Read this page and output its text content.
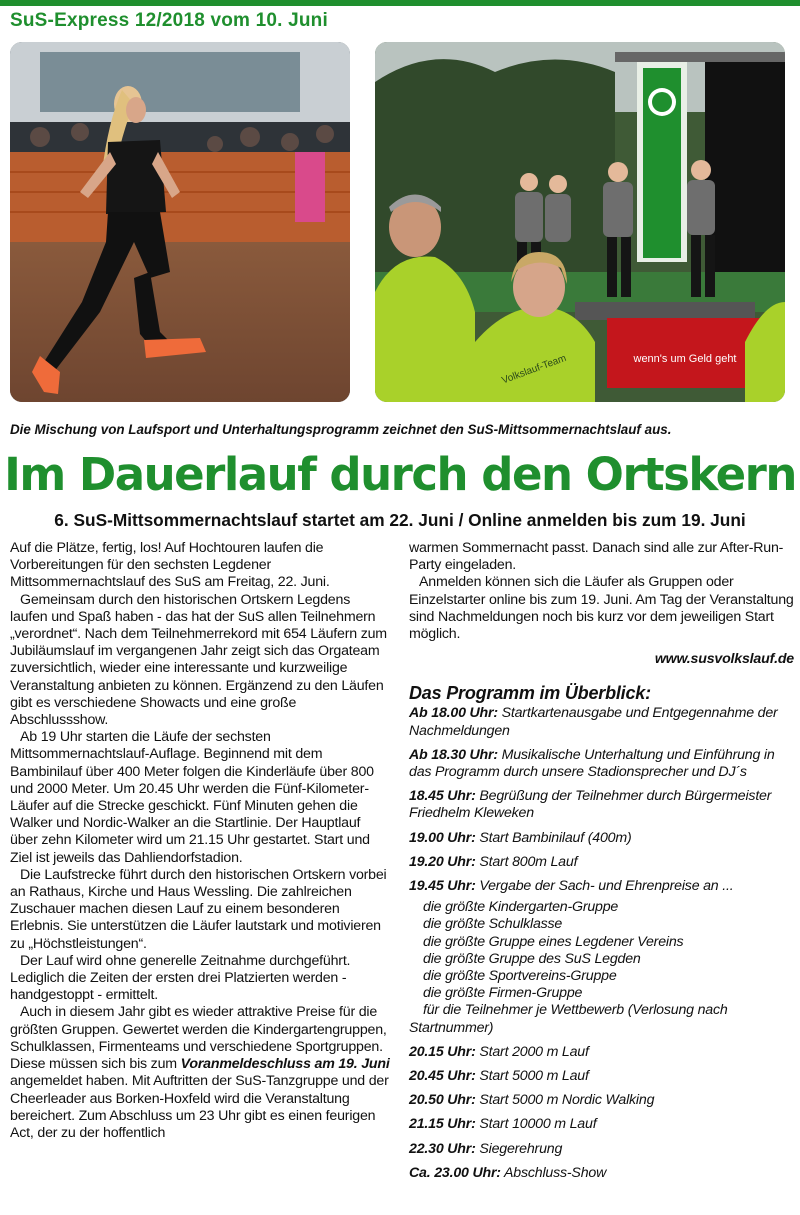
SuS-Express 12/2018 vom 10. Juni
wenn's um Geld geht
Volkslauf-Team
Die Mischung von Laufsport und Unterhaltungsprogramm zeichnet den SuS-Mittsommernachtslauf aus.
Im Dauerlauf durch den Ortskern
6. SuS-Mittsommernachtslauf startet am 22. Juni / Online anmelden bis zum 19. Juni

Auf die Plätze, fertig, los! Auf Hochtouren laufen die Vorbereitungen für den sechsten Legdener Mittsommernachtslauf des SuS am Freitag, 22. Juni.

Gemeinsam durch den historischen Ortskern Legdens laufen und Spaß haben - das hat der SuS allen Teilnehmern „verordnet“. Nach dem Teilnehmerrekord mit 654 Läufern zum Jubiläumslauf im vergangenen Jahr zeigt sich das Orgateam zuversichtlich, wieder eine interessante und kurzweilige Veranstaltung anbieten zu können. Ergänzend zu den Läufen gibt es verschiedene Showacts und eine große Abschlussshow.

Ab 19 Uhr starten die Läufe der sechsten Mittsommernachtslauf-Auflage. Beginnend mit dem Bambinilauf über 400 Meter folgen die Kinderläufe über 800 und 2000 Meter. Um 20.45 Uhr werden die Fünf-Kilometer-Läufer auf die Strecke geschickt. Fünf Minuten gehen die Walker und Nordic-Walker an die Startlinie. Der Hauptlauf über zehn Kilometer wird um 21.15 Uhr gestartet. Start und Ziel ist jeweils das Dahliendorfstadion.

Die Laufstrecke führt durch den historischen Ortskern vorbei an Rathaus, Kirche und Haus Wessling. Die zahlreichen Zuschauer machen diesen Lauf zu einem besonderen Erlebnis. Sie unterstützen die Läufer lautstark und motivieren zu „Höchstleistungen“.

Der Lauf wird ohne generelle Zeitnahme durchgeführt. Lediglich die Zeiten der ersten drei Platzierten werden - handgestoppt - ermittelt.

Auch in diesem Jahr gibt es wieder attraktive Preise für die größten Gruppen. Gewertet werden die Kindergartengruppen, Schulklassen, Firmenteams und verschiedene Sportgruppen. Diese müssen sich bis zum Voranmeldeschluss am 19. Juni angemeldet haben. Mit Auftritten der SuS-Tanzgruppe und der Cheerleader aus Borken-Hoxfeld wird die Veranstaltung bereichert. Zum Abschluss um 23 Uhr gibt es einen feurigen Act, der zu der hoffentlich

warmen Sommernacht passt. Danach sind alle zur After-Run-Party eingeladen.

Anmelden können sich die Läufer als Gruppen oder Einzelstarter online bis zum 19. Juni. Am Tag der Veranstaltung sind Nachmeldungen noch bis kurz vor dem jeweiligen Start möglich.

www.susvolkslauf.de

Das Programm im Überblick:

Ab 18.00 Uhr: Startkartenausgabe und Entgegennahme der Nachmeldungen

Ab 18.30 Uhr: Musikalische Unterhaltung und Einführung in das Programm durch unsere Stadionsprecher und DJ´s

18.45 Uhr: Begrüßung der Teilnehmer durch Bürgermeister Friedhelm Kleweken

19.00 Uhr: Start Bambinilauf (400m)

19.20 Uhr: Start 800m Lauf

19.45 Uhr: Vergabe der Sach- und Ehrenpreise an ...

die größte Kindergarten-Gruppe
die größte Schulklasse
die größte Gruppe eines Legdener Vereins
die größte Gruppe des SuS Legden
die größte Sportvereins-Gruppe
die größte Firmen-Gruppe
für die Teilnehmer je Wettbewerb (Verlosung nach Startnummer)

20.15 Uhr: Start 2000 m Lauf

20.45 Uhr: Start 5000 m Lauf

20.50 Uhr: Start 5000 m Nordic Walking

21.15 Uhr: Start 10000 m Lauf

22.30 Uhr: Siegerehrung

Ca. 23.00 Uhr: Abschluss-Show
